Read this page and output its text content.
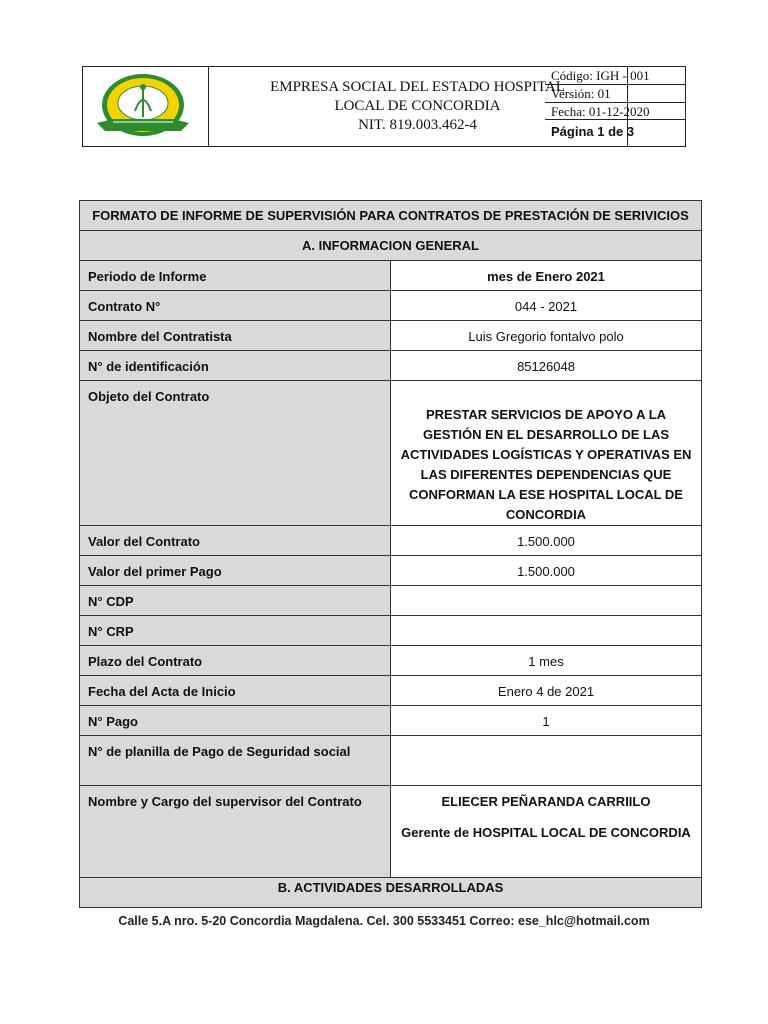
EMPRESA SOCIAL DEL ESTADO HOSPITAL
LOCAL DE CONCORDIA
NIT. 819.003.462-4
Código: IGH - 001
Versión: 01
Fecha: 01-12-2020
Página 1 de 3
FORMATO DE INFORME DE SUPERVISIÓN PARA CONTRATOS DE PRESTACIÓN DE SERIVICIOS	
A. INFORMACION GENERAL	
Periodo de Informe	mes de Enero 2021
Contrato N°	044 - 2021
Nombre del Contratista	Luis Gregorio fontalvo polo
N° de identificación	85126048
Objeto del Contrato	PRESTAR SERVICIOS DE APOYO A LA GESTIÓN EN EL DESARROLLO DE LAS ACTIVIDADES LOGÍSTICAS Y OPERATIVAS EN LAS DIFERENTES DEPENDENCIAS QUE CONFORMAN LA ESE HOSPITAL LOCAL DE CONCORDIA
Valor del Contrato	1.500.000
Valor del primer Pago	1.500.000
N° CDP	
N° CRP	
Plazo del Contrato	1 mes
Fecha del Acta de Inicio	Enero 4 de 2021
N° Pago	1
N° de planilla de Pago de Seguridad social	
Nombre y Cargo del supervisor del Contrato	ELIECER PEÑARANDA CARRIILO
Gerente de HOSPITAL LOCAL DE CONCORDIA

B. ACTIVIDADES DESARROLLADAS	
Calle 5.A nro. 5-20 Concordia Magdalena. Cel. 300 5533451 Correo: ese_hlc@hotmail.com
